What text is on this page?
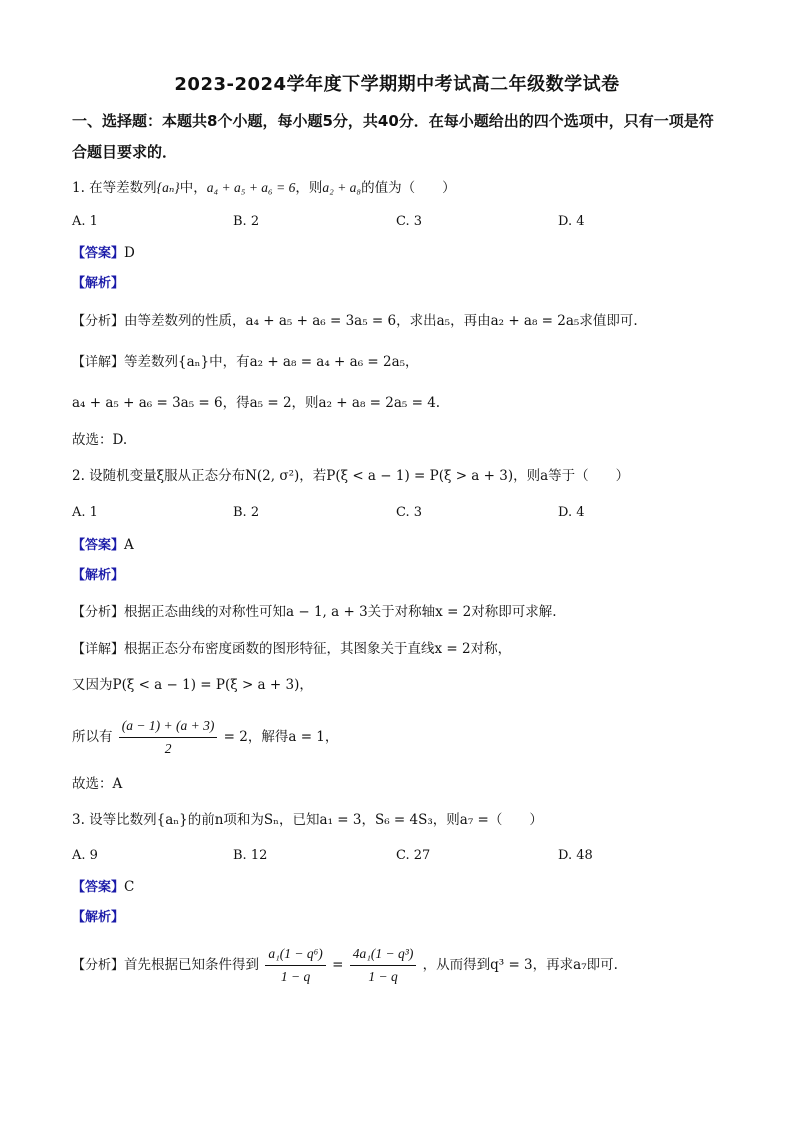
2023-2024学年度下学期期中考试高二年级数学试卷
一、选择题：本题共8个小题，每小题5分，共40分．在每小题给出的四个选项中，只有一项是符合题目要求的．
1. 在等差数列{aₙ}中，a₄ + a₅ + a₆ = 6，则a₂ + a₈的值为（　　）
A. 1	B. 2	C. 3	D. 4
【答案】D
【解析】
【分析】由等差数列的性质，a₄ + a₅ + a₆ = 3a₅ = 6，求出a₅，再由a₂ + a₈ = 2a₅求值即可.
【详解】等差数列{aₙ}中，有a₂ + a₈ = a₄ + a₆ = 2a₅，
a₄ + a₅ + a₆ = 3a₅ = 6，得a₅ = 2，则a₂ + a₈ = 2a₅ = 4.
故选：D.
2. 设随机变量ξ服从正态分布N(2, σ²)，若P(ξ < a − 1) = P(ξ > a + 3)，则a等于（　　）
A. 1	B. 2	C. 3	D. 4
【答案】A
【解析】
【分析】根据正态曲线的对称性可知a − 1, a + 3关于对称轴x = 2对称即可求解.
【详解】根据正态分布密度函数的图形特征，其图象关于直线x = 2对称，
又因为P(ξ < a − 1) = P(ξ > a + 3)，
所以有 $\frac{(a - 1) + (a + 3)}{2} = 2$，解得a = 1，
故选：A
3. 设等比数列{aₙ}的前n项和为Sₙ，已知a₁ = 3，S₆ = 4S₃，则a₇ =（　　）
A. 9	B. 12	C. 27	D. 48
【答案】C
【解析】
【分析】首先根据已知条件得到 $\frac{\text{a₁(1 − q⁶)}}{1 - q} = \frac{\text{4a₁(1 − q³)}}{1 - q}$ ，从而得到q³ = 3，再求a₇即可.
